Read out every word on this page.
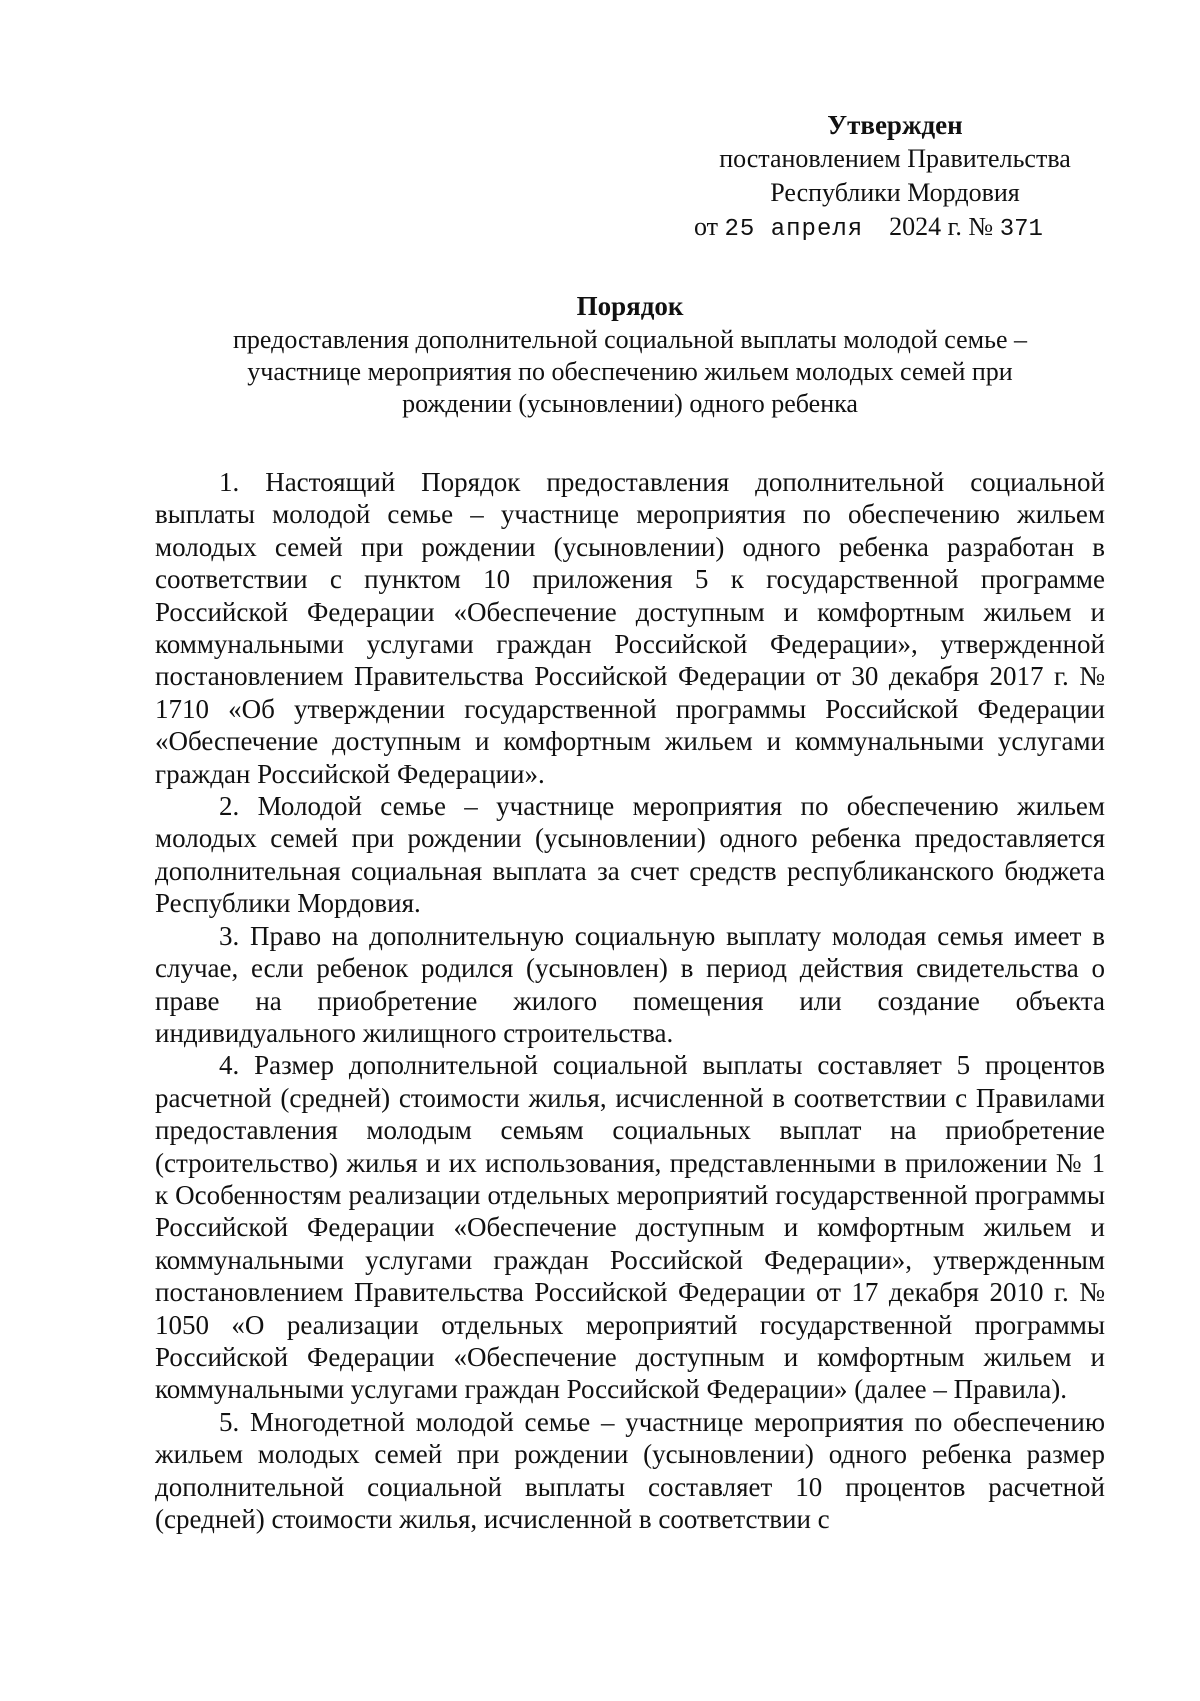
Утвержден
постановлением Правительства
Республики Мордовия
от 25 апреля 2024 г. № 371
Порядок
предоставления дополнительной социальной выплаты молодой семье –
участнице мероприятия по обеспечению жильем молодых семей при
рождении (усыновлении) одного ребенка

1. Настоящий Порядок предоставления дополнительной социальной выплаты молодой семье – участнице мероприятия по обеспечению жильем молодых семей при рождении (усыновлении) одного ребенка разработан в соответствии с пунктом 10 приложения 5 к государственной программе Российской Федерации «Обеспечение доступным и комфортным жильем и коммунальными услугами граждан Российской Федерации», утвержденной постановлением Правительства Российской Федерации от 30 декабря 2017 г. № 1710 «Об утверждении государственной программы Российской Федерации «Обеспечение доступным и комфортным жильем и коммунальными услугами граждан Российской Федерации».

2. Молодой семье – участнице мероприятия по обеспечению жильем молодых семей при рождении (усыновлении) одного ребенка предоставляется дополнительная социальная выплата за счет средств республиканского бюджета Республики Мордовия.

3. Право на дополнительную социальную выплату молодая семья имеет в случае, если ребенок родился (усыновлен) в период действия свидетельства о праве на приобретение жилого помещения или создание объекта индивидуального жилищного строительства.

4. Размер дополнительной социальной выплаты составляет 5 процентов расчетной (средней) стоимости жилья, исчисленной в соответствии с Правилами предоставления молодым семьям социальных выплат на приобретение (строительство) жилья и их использования, представленными в приложении № 1 к Особенностям реализации отдельных мероприятий государственной программы Российской Федерации «Обеспечение доступным и комфортным жильем и коммунальными услугами граждан Российской Федерации», утвержденным постановлением Правительства Российской Федерации от 17 декабря 2010 г. № 1050 «О реализации отдельных мероприятий государственной программы Российской Федерации «Обеспечение доступным и комфортным жильем и коммунальными услугами граждан Российской Федерации» (далее – Правила).

5. Многодетной молодой семье – участнице мероприятия по обеспечению жильем молодых семей при рождении (усыновлении) одного ребенка размер дополнительной социальной выплаты составляет 10 процентов расчетной (средней) стоимости жилья, исчисленной в соответствии с
